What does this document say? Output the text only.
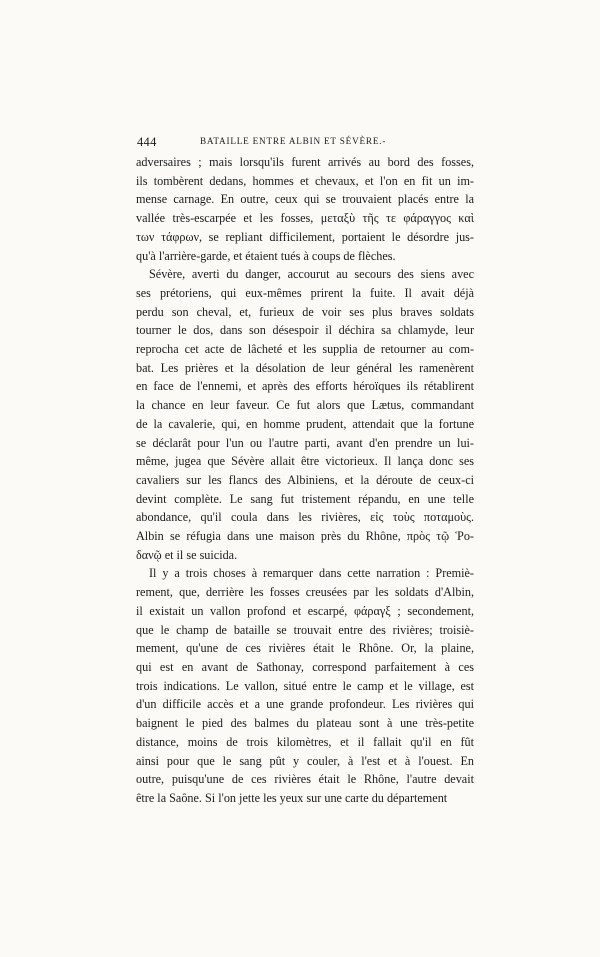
444	BATAILLE ENTRE ALBIN ET SÉVÈRE.-

adversaires ; mais lorsqu'ils furent arrivés au bord des fosses,
ils tombèrent dedans, hommes et chevaux, et l'on en fit un im-
mense carnage. En outre, ceux qui se trouvaient placés entre la
vallée très-escarpée et les fosses, μεταξὺ τῆς τε φάραγγος καὶ
των τάφρων, se repliant difficilement, portaient le désordre jus-
qu'à l'arrière-garde, et étaient tués à coups de flèches.

Sévère, averti du danger, accourut au secours des siens avec
ses prétoriens, qui eux-mêmes prirent la fuite. Il avait déjà
perdu son cheval, et, furieux de voir ses plus braves soldats
tourner le dos, dans son désespoir il déchira sa chlamyde, leur
reprocha cet acte de lâcheté et les supplia de retourner au com-
bat. Les prières et la désolation de leur général les ramenèrent
en face de l'ennemi, et après des efforts héroïques ils rétablirent
la chance en leur faveur. Ce fut alors que Lætus, commandant
de la cavalerie, qui, en homme prudent, attendait que la fortune
se déclarât pour l'un ou l'autre parti, avant d'en prendre un lui-
même, jugea que Sévère allait être victorieux. Il lança donc ses
cavaliers sur les flancs des Albiniens, et la déroute de ceux-ci
devint complète. Le sang fut tristement répandu, en une telle
abondance, qu'il coula dans les rivières, εἰς τοὺς ποταμοὺς.
Albin se réfugia dans une maison près du Rhône, πρὸς τῷ Ῥο-
δανῷ et il se suicida.

Il y a trois choses à remarquer dans cette narration : Premiè-
rement, que, derrière les fosses creusées par les soldats d'Albin,
il existait un vallon profond et escarpé, φάραγξ ; secondement,
que le champ de bataille se trouvait entre des rivières; troisiè-
mement, qu'une de ces rivières était le Rhône. Or, la plaine,
qui est en avant de Sathonay, correspond parfaitement à ces
trois indications. Le vallon, situé entre le camp et le village, est
d'un difficile accès et a une grande profondeur. Les rivières qui
baignent le pied des balmes du plateau sont à une très-petite
distance, moins de trois kilomètres, et il fallait qu'il en fût
ainsi pour que le sang pût y couler, à l'est et à l'ouest. En
outre, puisqu'une de ces rivières était le Rhône, l'autre devait
être la Saône. Si l'on jette les yeux sur une carte du département
